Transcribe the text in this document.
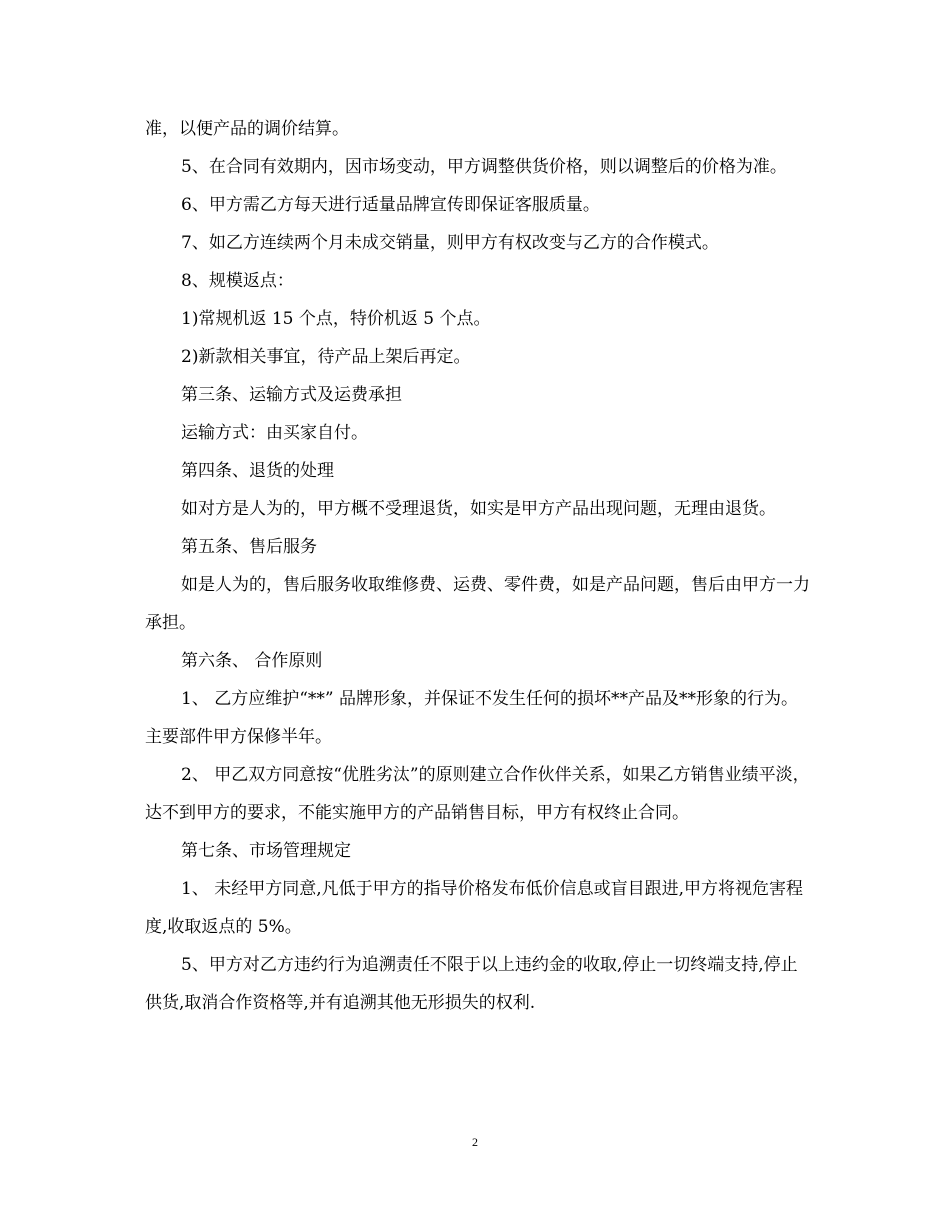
准，以便产品的调价结算。

5、在合同有效期内，因市场变动，甲方调整供货价格，则以调整后的价格为准。

6、甲方需乙方每天进行适量品牌宣传即保证客服质量。

7、如乙方连续两个月未成交销量，则甲方有权改变与乙方的合作模式。

8、规模返点：

1)常规机返 15 个点，特价机返 5 个点。

2)新款相关事宜，待产品上架后再定。

第三条、运输方式及运费承担

运输方式：由买家自付。

第四条、退货的处理

如对方是人为的，甲方概不受理退货，如实是甲方产品出现问题，无理由退货。

第五条、售后服务

如是人为的，售后服务收取维修费、运费、零件费，如是产品问题，售后由甲方一力承担。

第六条、 合作原则

1、 乙方应维护“**” 品牌形象，并保证不发生任何的损坏**产品及**形象的行为。主要部件甲方保修半年。

2、 甲乙双方同意按“优胜劣汰”的原则建立合作伙伴关系，如果乙方销售业绩平淡，达不到甲方的要求，不能实施甲方的产品销售目标，甲方有权终止合同。

第七条、市场管理规定

1、 未经甲方同意,凡低于甲方的指导价格发布低价信息或盲目跟进,甲方将视危害程度,收取返点的 5%。

5、甲方对乙方违约行为追溯责任不限于以上违约金的收取,停止一切终端支持,停止供货,取消合作资格等,并有追溯其他无形损失的权利.

2
